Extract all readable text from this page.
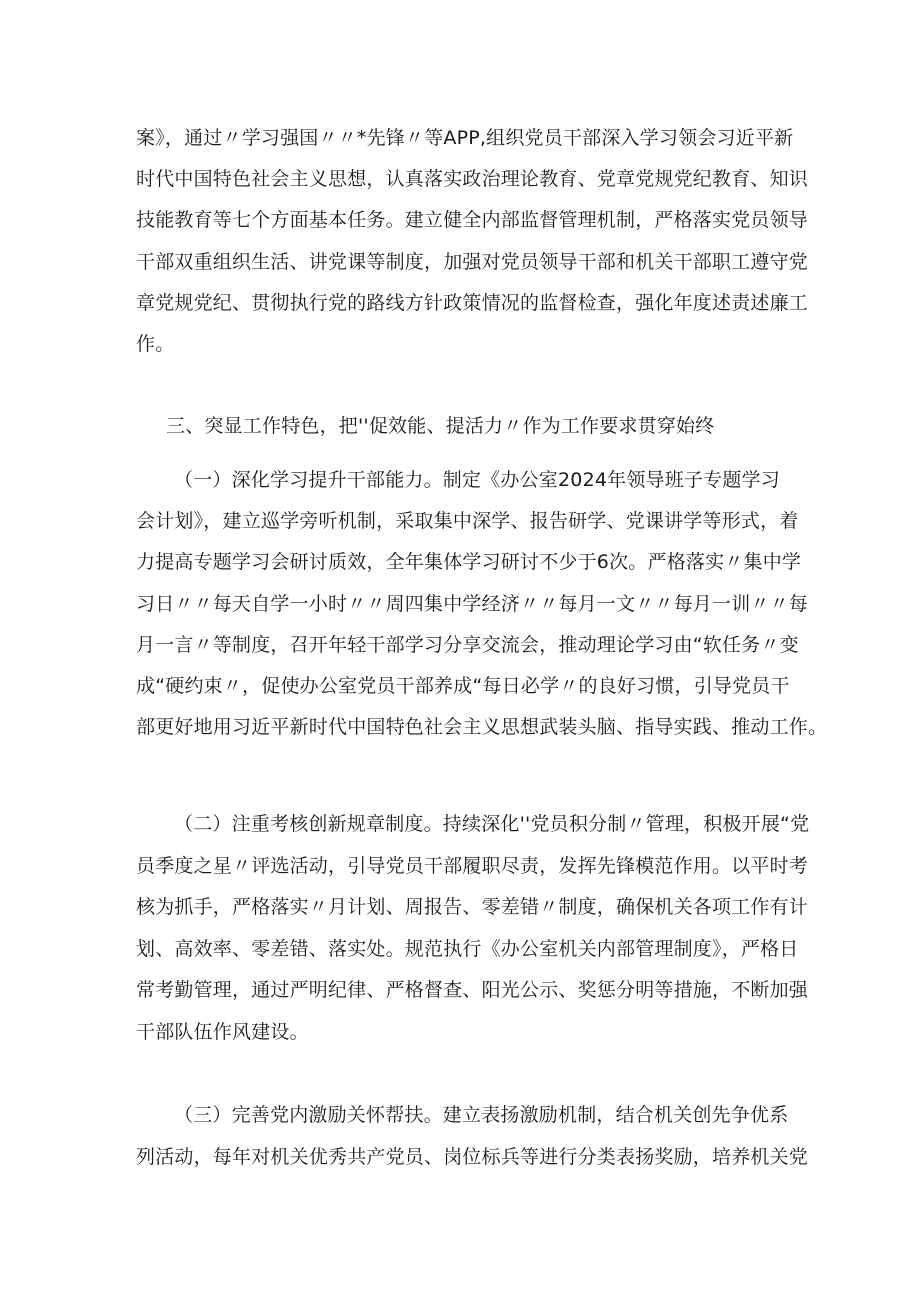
案》，通过〃学习强国〃〃*先锋〃等APP,组织党员干部深入学习领会习近平新
时代中国特色社会主义思想，认真落实政治理论教育、党章党规党纪教育、知识
技能教育等七个方面基本任务。建立健全内部监督管理机制，严格落实党员领导
干部双重组织生活、讲党课等制度，加强对党员领导干部和机关干部职工遵守党
章党规党纪、贯彻执行党的路线方针政策情况的监督检查，强化年度述责述廉工
作。
三、突显工作特色，把''促效能、提活力〃作为工作要求贯穿始终
（一）深化学习提升干部能力。制定《办公室2024年领导班子专题学习
会计划》，建立巡学旁听机制，采取集中深学、报告研学、党课讲学等形式，着
力提高专题学习会研讨质效，全年集体学习研讨不少于6次。严格落实〃集中学
习日〃〃每天自学一小时〃〃周四集中学经济〃〃每月一文〃〃每月一训〃〃每
月一言〃等制度，召开年轻干部学习分享交流会，推动理论学习由“软任务〃变
成“硬约束〃，促使办公室党员干部养成“每日必学〃的良好习惯，引导党员干
部更好地用习近平新时代中国特色社会主义思想武装头脑、指导实践、推动工作。
（二）注重考核创新规章制度。持续深化''党员积分制〃管理，积极开展“党
员季度之星〃评选活动，引导党员干部履职尽责，发挥先锋模范作用。以平时考
核为抓手，严格落实〃月计划、周报告、零差错〃制度，确保机关各项工作有计
划、高效率、零差错、落实处。规范执行《办公室机关内部管理制度》，严格日
常考勤管理，通过严明纪律、严格督查、阳光公示、奖惩分明等措施，不断加强
干部队伍作风建设。
（三）完善党内激励关怀帮扶。建立表扬激励机制，结合机关创先争优系
列活动，每年对机关优秀共产党员、岗位标兵等进行分类表扬奖励，培养机关党
